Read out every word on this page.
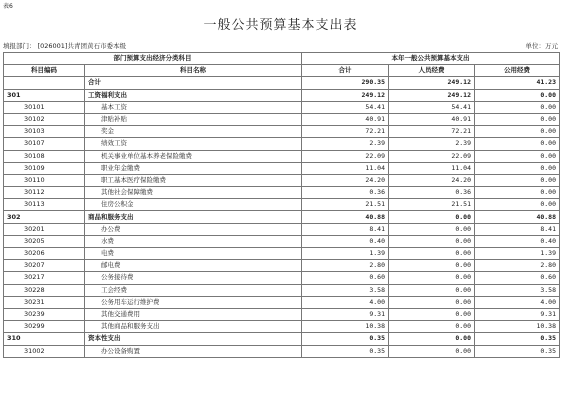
表6
一般公共预算基本支出表
填报部门： [026001]共青团黄石市委本级	单位：万元
部门预算支出经济分类科目		本年一般公共预算基本支出		
科目编码	科目名称	合计	人员经费	公用经费
	合计	290.35	249.12	41.23
301	工资福利支出	249.12	249.12	0.00
30101	基本工资	54.41	54.41	0.00
30102	津贴补贴	40.91	40.91	0.00
30103	奖金	72.21	72.21	0.00
30107	绩效工资	2.39	2.39	0.00
30108	机关事业单位基本养老保险缴费	22.09	22.09	0.00
30109	职业年金缴费	11.04	11.04	0.00
30110	职工基本医疗保险缴费	24.20	24.20	0.00
30112	其他社会保障缴费	0.36	0.36	0.00
30113	住房公积金	21.51	21.51	0.00
302	商品和服务支出	40.88	0.00	40.88
30201	办公费	8.41	0.00	8.41
30205	水费	0.40	0.00	0.40
30206	电费	1.39	0.00	1.39
30207	邮电费	2.80	0.00	2.80
30217	公务接待费	0.60	0.00	0.60
30228	工会经费	3.58	0.00	3.58
30231	公务用车运行维护费	4.00	0.00	4.00
30239	其他交通费用	9.31	0.00	9.31
30299	其他商品和服务支出	10.38	0.00	10.38
310	资本性支出	0.35	0.00	0.35
31002	办公设备购置	0.35	0.00	0.35
